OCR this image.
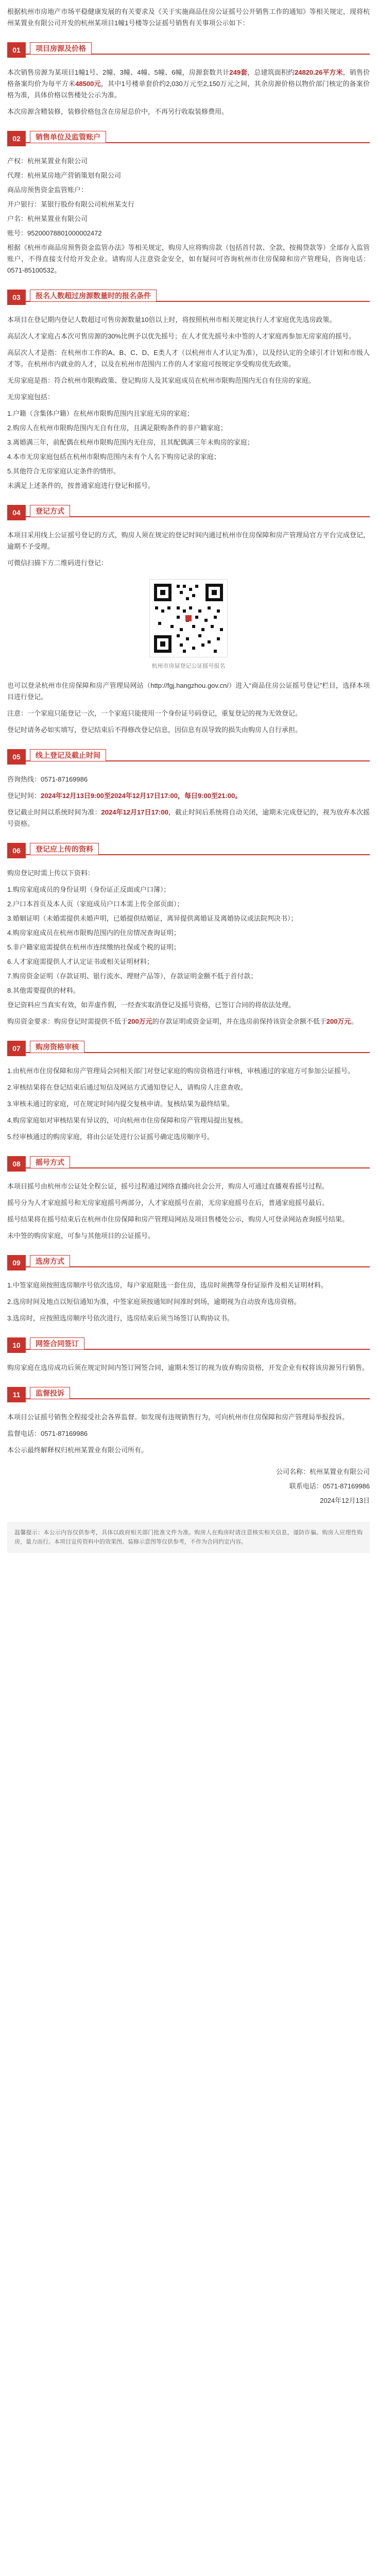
根据杭州市房地产市场平稳健康发展的有关要求及《关于实施商品住房公证摇号公开销售工作的通知》等相关规定，现将杭州某置业有限公司开发的杭州某项目1幢1号楼等公证摇号销售有关事项公示如下：

01	项目房源及价格

本次销售房源为某项目1幢1号、2幢、3幢、4幢、5幢、6幢，房源套数共计249套，总建筑面积约24820.26平方米，销售价格备案均价为每平方米48500元，其中1号楼单套价约2,030万元至2,150万元之间，其余房源价格以物价部门核定的备案价格为准，具体价格以售楼处公示为准。

本次房源含精装修，装修价格包含在房屋总价中，不再另行收取装修费用。

02	销售单位及监管账户

产权：杭州某置业有限公司

代理：杭州某房地产营销策划有限公司

商品房预售资金监管账户：

开户银行：某银行股份有限公司杭州某支行

户名：杭州某置业有限公司

账号：95200078801000002472

根据《杭州市商品房预售资金监管办法》等相关规定，购房人应将购房款（包括首付款、全款、按揭贷款等）全部存入监管账户，不得直接支付给开发企业。请购房人注意资金安全，如有疑问可咨询杭州市住房保障和房产管理局，咨询电话：0571-85100532。

03	报名人数超过房源数量时的报名条件

本项目在登记期内登记人数超过可售房源数量10倍以上时，将按照杭州市相关规定执行人才家庭优先选房政策。

高层次人才家庭占本次可售房源的30%比例予以优先摇号；在人才优先摇号未中签的人才家庭再参加无房家庭的摇号。

高层次人才是指：在杭州市工作的A、B、C、D、E类人才（以杭州市人才认定为准），以及经认定的全球引才计划和市级人才等。在杭州市内就业的人才，以及在杭州市范围内工作的人才家庭可按规定享受购房优先政策。

无房家庭是指：符合杭州市限购政策、登记购房人及其家庭成员在杭州市限购范围内无自有住房的家庭。

无房家庭包括：

1.户籍（含集体户籍）在杭州市限购范围内且家庭无房的家庭；

2.购房人在杭州市限购范围内无自有住房，且满足限购条件的非户籍家庭；

3.离婚满三年，前配偶在杭州市限购范围内无住房，且其配偶满三年未购房的家庭；

4.本市无房家庭包括在杭州市限购范围内未有个人名下购房记录的家庭；

5.其他符合无房家庭认定条件的情形。

未满足上述条件的，按普通家庭进行登记和摇号。

04	登记方式

本项目采用线上公证摇号登记的方式，购房人须在规定的登记时间内通过杭州市住房保障和房产管理局官方平台完成登记，逾期不予受理。

可微信扫描下方二维码进行登记：

杭州市房屋登记公证摇号报名

也可以登录杭州市住房保障和房产管理局网站（http://fgj.hangzhou.gov.cn/）进入“商品住房公证摇号登记”栏目，选择本项目进行登记。

注意：一个家庭只能登记一次，一个家庭只能使用一个身份证号码登记，重复登记的视为无效登记。

登记时请务必如实填写，登记结束后不得修改登记信息，因信息有误导致的损失由购房人自行承担。

05	线上登记及截止时间

咨询热线：0571-87169986

登记时间：2024年12月13日9:00至2024年12月17日17:00，每日9:00至21:00。

登记截止时间以系统时间为准：2024年12月17日17:00，截止时间后系统将自动关闭，逾期未完成登记的，视为放弃本次摇号资格。

06	登记应上传的资料

购房登记时需上传以下资料：

1.购房家庭成员的身份证明（身份证正反面或户口簿）；

2.户口本首页及本人页（家庭成员户口本需上传全部页面）；

3.婚姻证明（未婚需提供未婚声明，已婚提供结婚证，离异提供离婚证及离婚协议或法院判决书）；

4.购房家庭成员在杭州市限购范围内的住房情况查询证明；

5.非户籍家庭需提供在杭州市连续缴纳社保或个税的证明；

6.人才家庭需提供人才认定证书或相关证明材料；

7.购房资金证明（存款证明、银行流水、理财产品等），存款证明金额不低于首付款；

8.其他需要提供的材料。

登记资料应当真实有效，如弄虚作假，一经查实取消登记及摇号资格，已签订合同的将依法处理。

购房资金要求：购房登记时需提供不低于200万元的存款证明或资金证明，并在选房前保持该资金余额不低于200万元。

07	购房资格审核

1.由杭州市住房保障和房产管理局会同相关部门对登记家庭的购房资格进行审核，审核通过的家庭方可参加公证摇号。

2.审核结果将在登记结束后通过短信及网站方式通知登记人，请购房人注意查收。

3.审核未通过的家庭，可在规定时间内提交复核申请。复核结果为最终结果。

4.购房家庭如对审核结果有异议的，可向杭州市住房保障和房产管理局提出复核。

5.经审核通过的购房家庭，将由公证处进行公证摇号确定选房顺序号。

08	摇号方式

本项目摇号由杭州市公证处全程公证，摇号过程通过网络直播向社会公开，购房人可通过直播观看摇号过程。

摇号分为人才家庭摇号和无房家庭摇号两部分，人才家庭摇号在前，无房家庭摇号在后，普通家庭摇号最后。

摇号结果将在摇号结束后在杭州市住房保障和房产管理局网站及项目售楼处公示，购房人可登录网站查询摇号结果。

未中签的购房家庭，可参与其他项目的公证摇号。

09	选房方式

1.中签家庭须按照选房顺序号依次选房，每户家庭限选一套住房，选房时须携带身份证原件及相关证明材料。

2.选房时间及地点以短信通知为准，中签家庭须按通知时间准时到场，逾期视为自动放弃选房资格。

3.选房时，应按照选房顺序号依次进行，选房结束后须当场签订认购协议书。

10	网签合同签订

购房家庭在选房成功后须在规定时间内签订网签合同，逾期未签订的视为放弃购房资格，开发企业有权将该房源另行销售。

11	监督投诉

本项目公证摇号销售全程接受社会各界监督。如发现有违规销售行为，可向杭州市住房保障和房产管理局举报投诉。

监督电话：0571-87169986

本公示最终解释权归杭州某置业有限公司所有。

公司名称：杭州某置业有限公司

联系电话：0571-87169986

2024年12月13日

温馨提示：本公示内容仅供参考，具体以政府相关部门批准文件为准。购房人在购房时请注意核实相关信息，谨防诈骗。购房人应理性购房，量力而行。本项目宣传资料中的效果图、装修示意图等仅供参考，不作为合同约定内容。
